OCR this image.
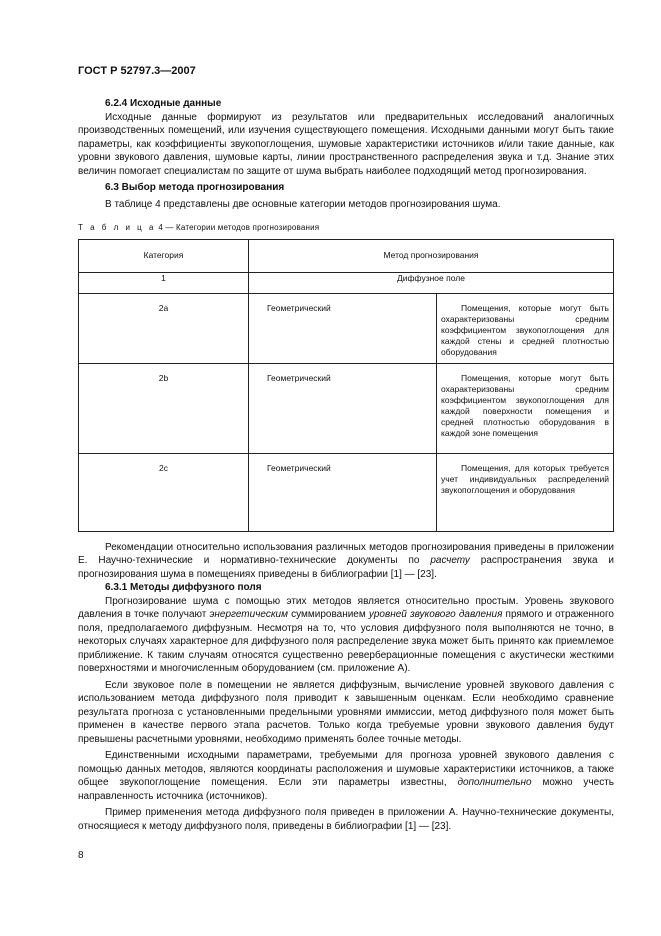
ГОСТ Р 52797.3—2007

6.2.4 Исходные данные

Исходные данные формируют из результатов или предварительных исследований аналогичных производственных помещений, или изучения существующего помещения. Исходными данными могут быть такие параметры, как коэффициенты звукопоглощения, шумовые характеристики источников и/или такие данные, как уровни звукового давления, шумовые карты, линии пространственного распределения звука и т.д. Знание этих величин помогает специалистам по защите от шума выбрать наиболее подходящий метод прогнозирования.

6.3 Выбор метода прогнозирования

В таблице 4 представлены две основные категории методов прогнозирования шума.

Т а б л и ц а 4 — Категории методов прогнозирования
Категория	Метод прогнозирования	
1	Диффузное поле	
2a	Геометрический	Помещения, которые могут быть охарактеризованы средним коэффициентом звукопоглощения для каждой стены и средней плотностью оборудования
2b	Геометрический	Помещения, которые могут быть охарактеризованы средним коэффициентом звукопоглощения для каждой поверхности помещения и средней плотностью оборудования в каждой зоне помещения
2c	Геометрический	Помещения, для которых требуется учет индивидуальных распределений звукопоглощения и оборудования

Рекомендации относительно использования различных методов прогнозирования приведены в приложении Е. Научно-технические и нормативно-технические документы по расчету распространения звука и прогнозирования шума в помещениях приведены в библиографии [1] — [23].

6.3.1 Методы диффузного поля

Прогнозирование шума с помощью этих методов является относительно простым. Уровень звукового давления в точке получают энергетическим суммированием уровней звукового давления прямого и отраженного поля, предполагаемого диффузным. Несмотря на то, что условия диффузного поля выполняются не точно, в некоторых случаях характерное для диффузного поля распределение звука может быть принято как приемлемое приближение. К таким случаям относятся существенно реверберационные помещения с акустически жесткими поверхностями и многочисленным оборудованием (см. приложение А).

Если звуковое поле в помещении не является диффузным, вычисление уровней звукового давления с использованием метода диффузного поля приводит к завышенным оценкам. Если необходимо сравнение результата прогноза с установленными предельными уровнями иммиссии, метод диффузного поля может быть применен в качестве первого этапа расчетов. Только когда требуемые уровни звукового давления будут превышены расчетными уровнями, необходимо применять более точные методы.

Единственными исходными параметрами, требуемыми для прогноза уровней звукового давления с помощью данных методов, являются координаты расположения и шумовые характеристики источников, а также общее звукопоглощение помещения. Если эти параметры известны, дополнительно можно учесть направленность источника (источников).

Пример применения метода диффузного поля приведен в приложении А. Научно-технические документы, относящиеся к методу диффузного поля, приведены в библиографии [1] — [23].

8
